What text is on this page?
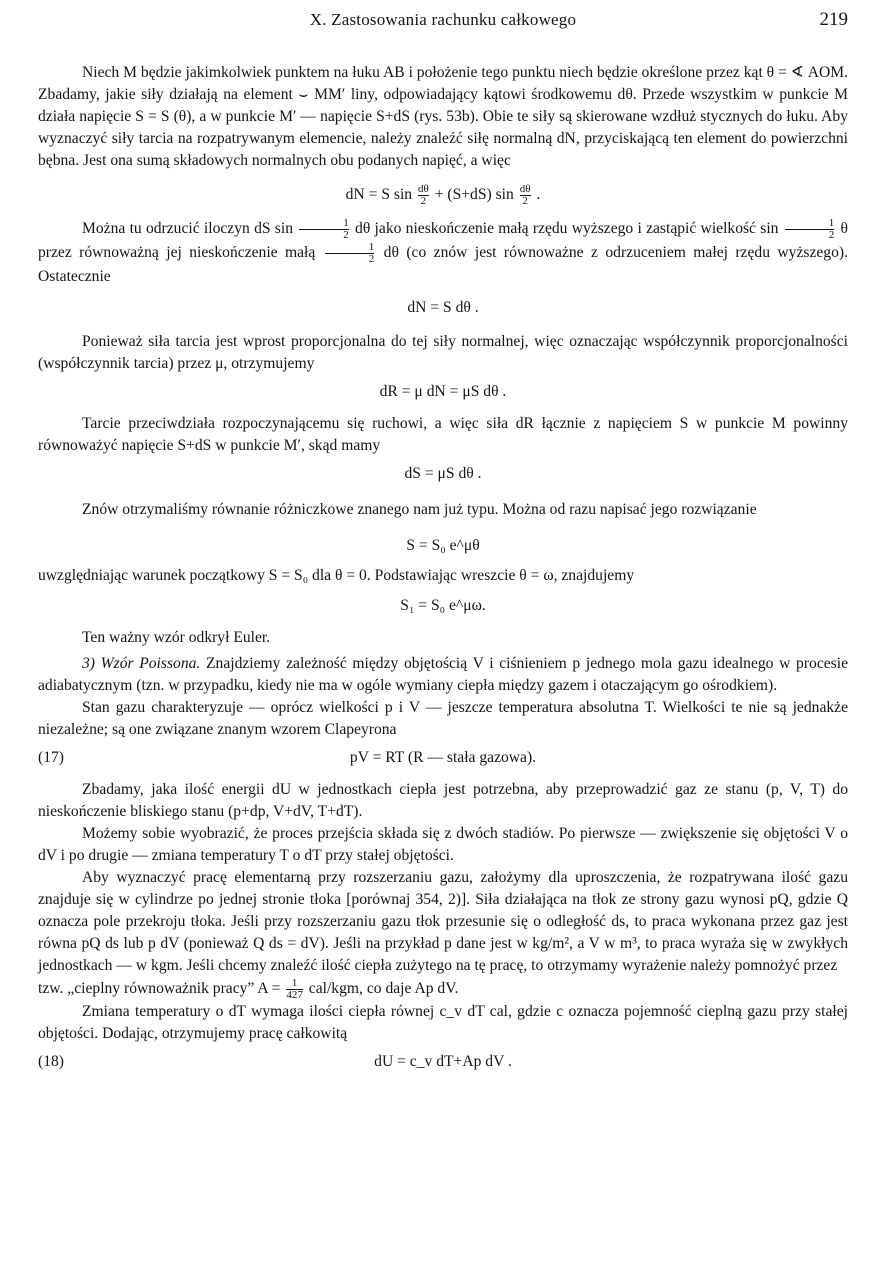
X. Zastosowania rachunku całkowego	219

Niech M będzie jakimkolwiek punktem na łuku AB i położenie tego punktu niech będzie określone przez kąt θ = ∢ AOM. Zbadamy, jakie siły działają na element ⌣ MM′ liny, odpowiadający kątowi środkowemu dθ. Przede wszystkim w punkcie M działa napięcie S = S (θ), a w punkcie M′ — napięcie S+dS (rys. 53b). Obie te siły są skierowane wzdłuż stycznych do łuku. Aby wyznaczyć siły tarcia na rozpatrywanym elemencie, należy znaleźć siłę normalną dN, przyciskającą ten element do powierzchni bębna. Jest ona sumą składowych normalnych obu podanych napięć, a więc

dN = S $\sin \frac{d\theta}{2} + (S+dS)$ $\sin \frac{d\theta}{2}$ .

Można tu odrzucić iloczyn dS $\sin \frac{1}{2}$ dθ jako nieskończenie małą rzędu wyższego i zastąpić wielkość $\sin \frac{1}{2}$ θ przez równoważną jej nieskończenie małą $\frac{1}{2}$ dθ (co znów jest równoważne z odrzuceniem małej rzędu wyższego). Ostatecznie

dN = S dθ .

Ponieważ siła tarcia jest wprost proporcjonalna do tej siły normalnej, więc oznaczając współczynnik proporcjonalności (współczynnik tarcia) przez μ, otrzymujemy

dR = μ dN = μS dθ .

Tarcie przeciwdziała rozpoczynającemu się ruchowi, a więc siła dR łącznie z napięciem S w punkcie M powinny równoważyć napięcie S+dS w punkcie M′, skąd mamy

dS = μS dθ .

Znów otrzymaliśmy równanie różniczkowe znanego nam już typu. Można od razu napisać jego rozwiązanie

S = S₀ e^μθ

uwzględniając warunek początkowy S = S₀ dla θ = 0. Podstawiając wreszcie θ = ω, znajdujemy

S₁ = S₀ e^μω.

Ten ważny wzór odkrył Euler.

3) Wzór Poissona. Znajdziemy zależność między objętością V i ciśnieniem p jednego mola gazu idealnego w procesie adiabatycznym (tzn. w przypadku, kiedy nie ma w ogóle wymiany ciepła między gazem i otaczającym go ośrodkiem).

Stan gazu charakteryzuje — oprócz wielkości p i V — jeszcze temperatura absolutna T. Wielkości te nie są jednakże niezależne; są one związane znanym wzorem Clapeyrona

(17)	pV = RT (R — stała gazowa).

Zbadamy, jaka ilość energii dU w jednostkach ciepła jest potrzebna, aby przeprowadzić gaz ze stanu (p, V, T) do nieskończenie bliskiego stanu (p+dp, V+dV, T+dT).

Możemy sobie wyobrazić, że proces przejścia składa się z dwóch stadiów. Po pierwsze — zwiększenie się objętości V o dV i po drugie — zmiana temperatury T o dT przy stałej objętości.

Aby wyznaczyć pracę elementarną przy rozszerzaniu gazu, założymy dla uproszczenia, że rozpatrywana ilość gazu znajduje się w cylindrze po jednej stronie tłoka [porównaj 354, 2)]. Siła działająca na tłok ze strony gazu wynosi pQ, gdzie Q oznacza pole przekroju tłoka. Jeśli przy rozszerzaniu gazu tłok przesunie się o odległość ds, to praca wykonana przez gaz jest równa pQ ds lub p dV (ponieważ Q ds = dV). Jeśli na przykład p dane jest w kg/m², a V w m³, to praca wyraża się w zwykłych jednostkach — w kgm. Jeśli chcemy znaleźć ilość ciepła zużytego na tę pracę, to otrzymamy wyrażenie należy pomnożyć przez

tzw. „cieplny równoważnik pracy” $A = \frac{1}{427} cal/kgm$, co daje Ap dV.

Zmiana temperatury o dT wymaga ilości ciepła równej c_v dT cal, gdzie c oznacza pojemność cieplną gazu przy stałej objętości. Dodając, otrzymujemy pracę całkowitą

(18)	dU = c_v dT+Ap dV .
